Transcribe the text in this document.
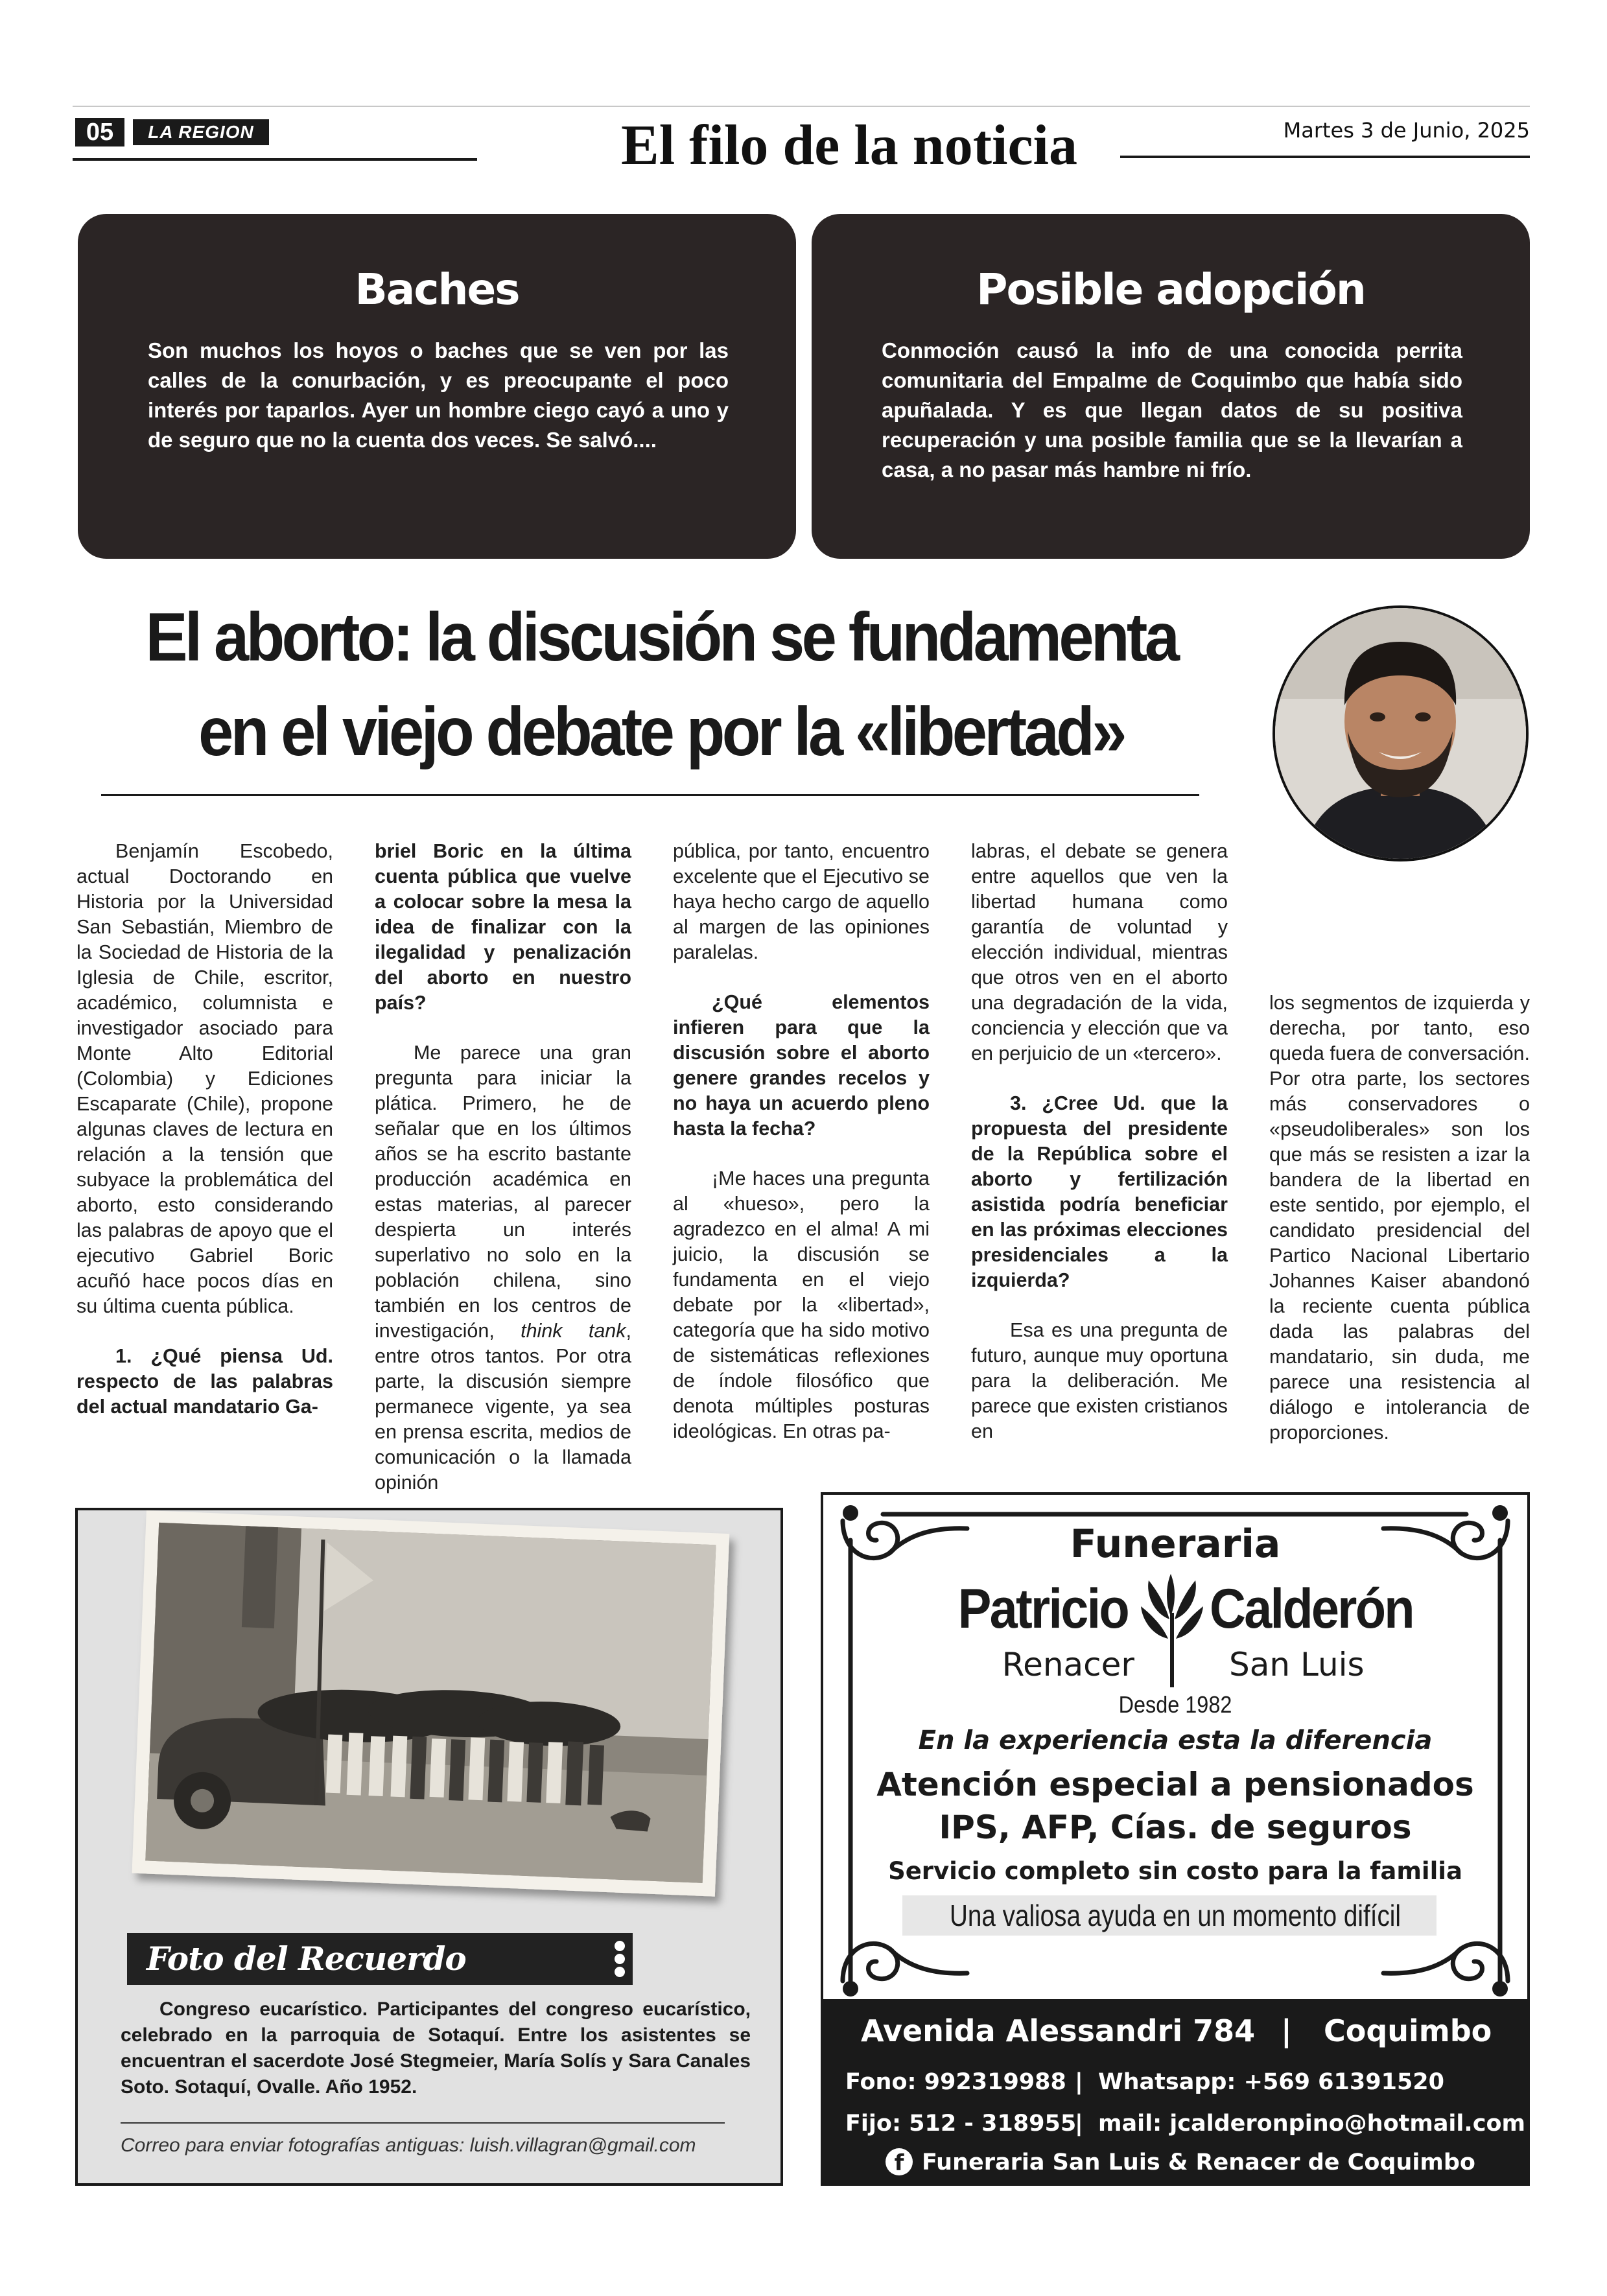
05	LA REGION	El filo de la noticia	Martes 3 de Junio, 2025
Baches

Son muchos los hoyos o baches que se ven por las calles de la conurbación, y es preocupante el poco interés por taparlos. Ayer un hombre ciego cayó a uno y de seguro que no la cuenta dos veces. Se salvó....

Posible adopción

Conmoción causó la info de una conocida perrita comunitaria del Empalme de Coquimbo que había sido apuñalada. Y es que llegan datos de su positiva recuperación y una posible familia que se la llevarían a casa, a no pasar más hambre ni frío.

El aborto: la discusión se fundamenta
en el viejo debate por la «libertad»

Benjamín Escobedo, actual Doctorando en Historia por la Universidad San Sebastián, Miembro de la Sociedad de Historia de la Iglesia de Chile, escritor, académico, columnista e investigador asociado para Monte Alto Editorial (Colombia) y Ediciones Escaparate (Chile), propone algunas claves de lectura en relación a la tensión que subyace la problemática del aborto, esto considerando las palabras de apoyo que el ejecutivo Gabriel Boric acuñó hace pocos días en su última cuenta pública.

1. ¿Qué piensa Ud. respecto de las palabras del actual mandatario Ga-

briel Boric en la última cuenta pública que vuelve a colocar sobre la mesa la idea de finalizar con la ilegalidad y penalización del aborto en nuestro país?

Me parece una gran pregunta para iniciar la plática. Primero, he de señalar que en los últimos años se ha escrito bastante producción académica en estas materias, al parecer despierta un interés superlativo no solo en la población chilena, sino también en los centros de investigación, think tank, entre otros tantos. Por otra parte, la discusión siempre permanece vigente, ya sea en prensa escrita, medios de comunicación o la llamada opinión

pública, por tanto, encuentro excelente que el Ejecutivo se haya hecho cargo de aquello al margen de las opiniones paralelas.

¿Qué elementos infieren para que la discusión sobre el aborto genere grandes recelos y no haya un acuerdo pleno hasta la fecha?

¡Me haces una pregunta al «hueso», pero la agradezco en el alma! A mi juicio, la discusión se fundamenta en el viejo debate por la «libertad», categoría que ha sido motivo de sistemáticas reflexiones de índole filosófico que denota múltiples posturas ideológicas. En otras pa-

labras, el debate se genera entre aquellos que ven la libertad humana como garantía de voluntad y elección individual, mientras que otros ven en el aborto una degradación de la vida, conciencia y elección que va en perjuicio de un «tercero».

3. ¿Cree Ud. que la propuesta del presidente de la República sobre el aborto y fertilización asistida podría beneficiar en las próximas elecciones presidenciales a la izquierda?

Esa es una pregunta de futuro, aunque muy oportuna para la deliberación. Me parece que existen cristianos en

los segmentos de izquierda y derecha, por tanto, eso queda fuera de conversación. Por otra parte, los sectores más conservadores o «pseudoliberales» son los que más se resisten a izar la bandera de la libertad en este sentido, por ejemplo, el candidato presidencial del Partico Nacional Libertario Johannes Kaiser abandonó la reciente cuenta pública dada las palabras del mandatario, sin duda, me parece una resistencia al diálogo e intolerancia de proporciones.

Foto del Recuerdo
Congreso eucarístico. Participantes del congreso eucarístico, celebrado en la parroquia de Sotaquí. Entre los asistentes se encuentran el sacerdote José Stegmeier, María Solís y Sara Canales Soto. Sotaquí, Ovalle. Año 1952.
Correo para enviar fotografías antiguas: luish.villagran@gmail.com
Funeraria
Patricio Calderón
Renacer	San Luis
Desde 1982
En la experiencia esta la diferencia
Atención especial a pensionados
IPS, AFP, Cías. de seguros
Servicio completo sin costo para la familia
Una valiosa ayuda en un momento difícil
Avenida Alessandri 784 | Coquimbo
Fono: 992319988 | Whatsapp: +569 61391520
Fijo: 512 - 318955
| mail: jcalderonpino@hotmail.com
f Funeraria San Luis & Renacer de Coquimbo
